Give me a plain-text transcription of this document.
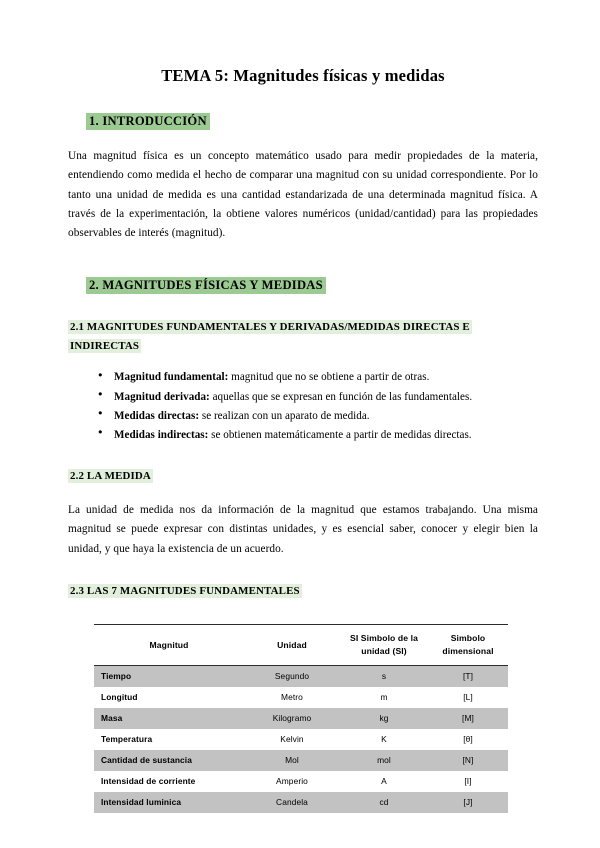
TEMA 5: Magnitudes físicas y medidas
1. INTRODUCCIÓN

Una magnitud física es un concepto matemático usado para medir propiedades de la materia, entendiendo como medida el hecho de comparar una magnitud con su unidad correspondiente. Por lo tanto una unidad de medida es una cantidad estandarizada de una determinada magnitud física. A través de la experimentación, la obtiene valores numéricos (unidad/cantidad) para las propiedades observables de interés (magnitud).

2. MAGNITUDES FÍSICAS Y MEDIDAS
2.1 MAGNITUDES FUNDAMENTALES Y DERIVADAS/MEDIDAS DIRECTAS E INDIRECTAS
● Magnitud fundamental: magnitud que no se obtiene a partir de otras.
● Magnitud derivada: aquellas que se expresan en función de las fundamentales.
● Medidas directas: se realizan con un aparato de medida.
● Medidas indirectas: se obtienen matemáticamente a partir de medidas directas.
2.2 LA MEDIDA

La unidad de medida nos da información de la magnitud que estamos trabajando. Una misma magnitud se puede expresar con distintas unidades, y es esencial saber, conocer y elegir bien la unidad, y que haya la existencia de un acuerdo.

2.3 LAS 7 MAGNITUDES FUNDAMENTALES
Magnitud	Unidad	SI Simbolo de la unidad (SI)	Simbolo dimensional
Tiempo	Segundo	s	[T]
Longitud	Metro	m	[L]
Masa	Kilogramo	kg	[M]
Temperatura	Kelvin	K	[θ]
Cantidad de sustancia	Mol	mol	[N]
Intensidad de corriente	Amperio	A	[I]
Intensidad luminica	Candela	cd	[J]
